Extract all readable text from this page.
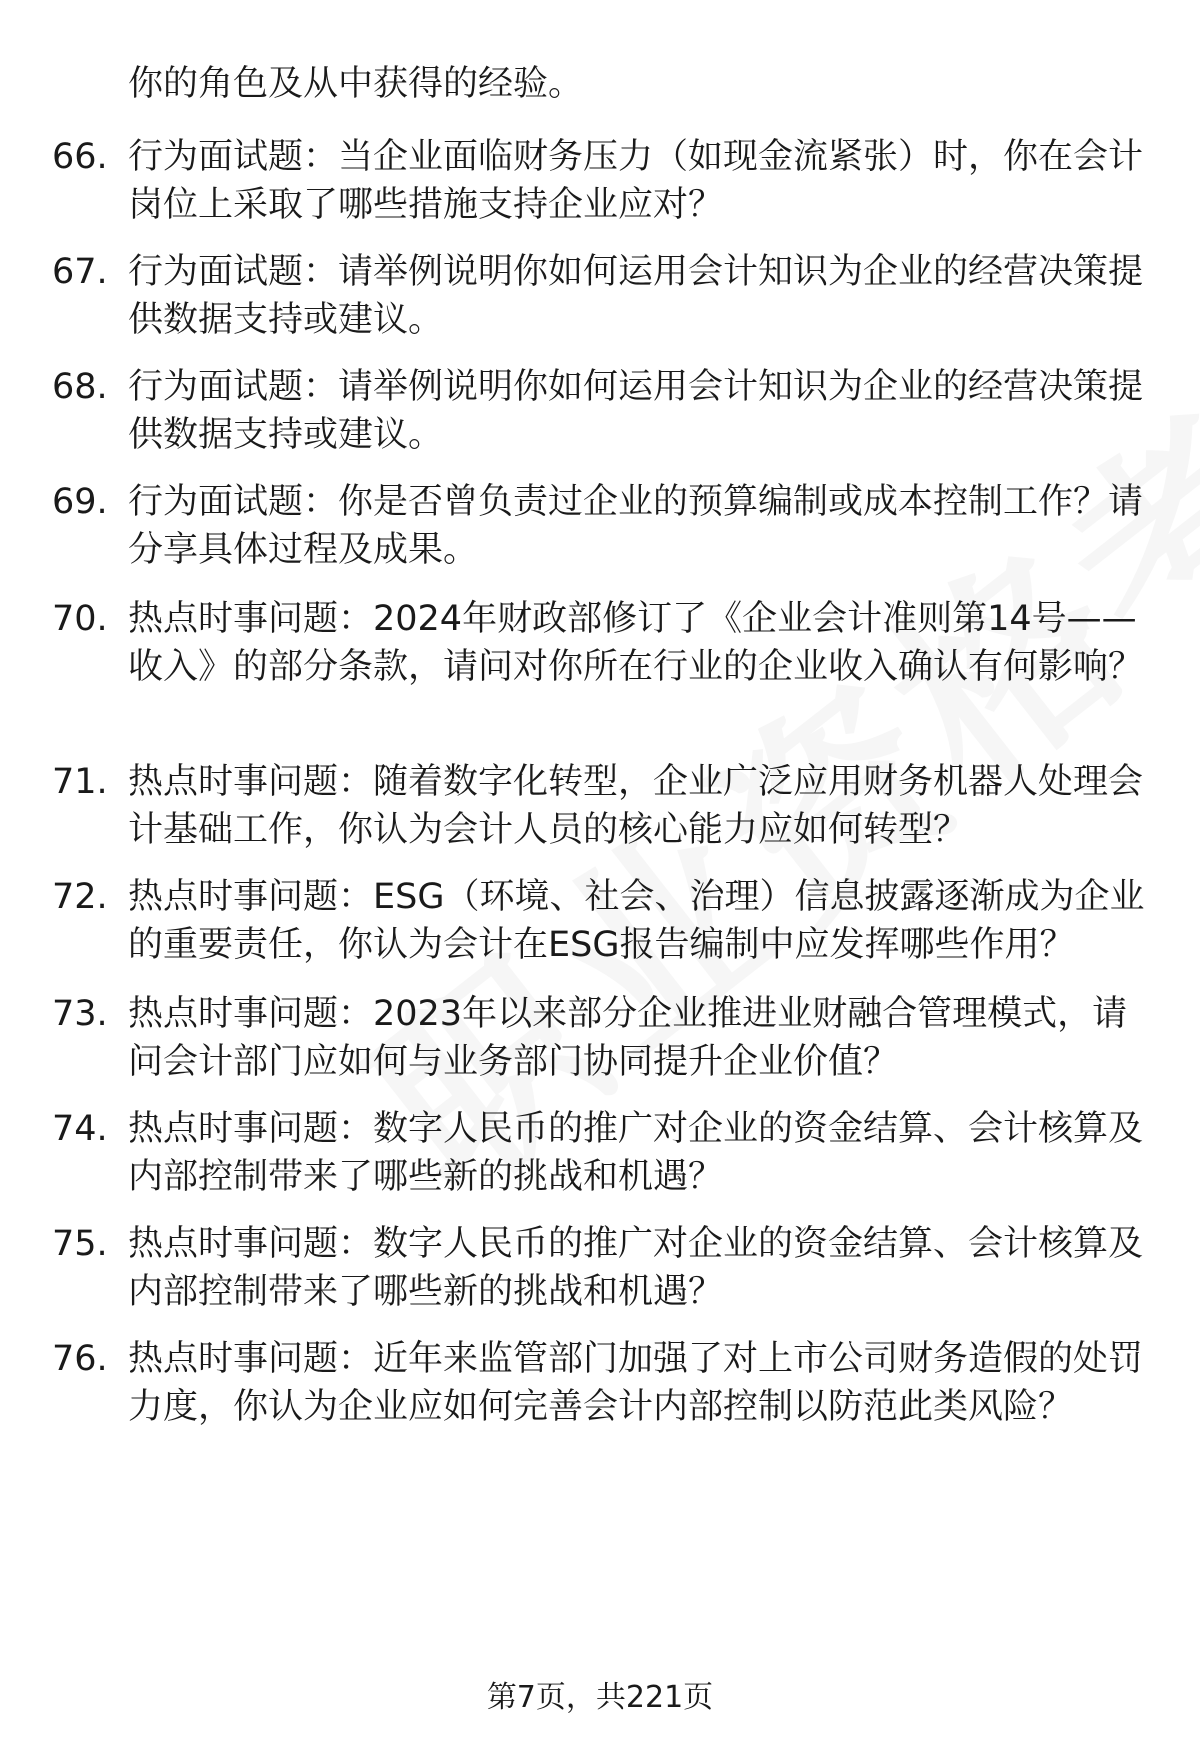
你的角色及从中获得的经验。
66. 行为面试题：当企业面临财务压力（如现金流紧张）时，你在会计岗位上采取了哪些措施支持企业应对？
67. 行为面试题：请举例说明你如何运用会计知识为企业的经营决策提供数据支持或建议。
68. 行为面试题：请举例说明你如何运用会计知识为企业的经营决策提供数据支持或建议。
69. 行为面试题：你是否曾负责过企业的预算编制或成本控制工作？请分享具体过程及成果。
70. 热点时事问题：2024年财政部修订了《企业会计准则第14号——收入》的部分条款，请问对你所在行业的企业收入确认有何影响？
71. 热点时事问题：随着数字化转型，企业广泛应用财务机器人处理会计基础工作，你认为会计人员的核心能力应如何转型？
72. 热点时事问题：ESG（环境、社会、治理）信息披露逐渐成为企业的重要责任，你认为会计在ESG报告编制中应发挥哪些作用？
73. 热点时事问题：2023年以来部分企业推进业财融合管理模式，请问会计部门应如何与业务部门协同提升企业价值？
74. 热点时事问题：数字人民币的推广对企业的资金结算、会计核算及内部控制带来了哪些新的挑战和机遇？
75. 热点时事问题：数字人民币的推广对企业的资金结算、会计核算及内部控制带来了哪些新的挑战和机遇？
76. 热点时事问题：近年来监管部门加强了对上市公司财务造假的处罚力度，你认为企业应如何完善会计内部控制以防范此类风险？
第7页，共221页
